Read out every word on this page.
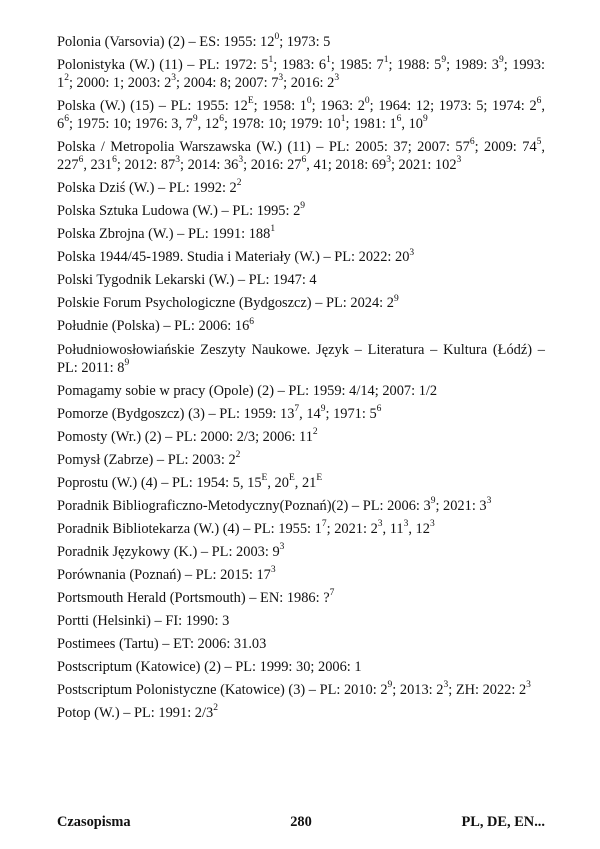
Polonia (Varsovia) (2) – ES: 1955: $12^0$; 1973: 5

Polonistyka (W.) (11) – PL: 1972: $5^1$; 1983: $6^1$; 1985: $7^1$; 1988: $5^9$; 1989: $3^9$; 1993: $1^2$; 2000: 1; 2003: $2^3$; 2004: 8; 2007: $7^3$; 2016: $2^3$

Polska (W.) (15) – PL: 1955: $12^E$; 1958: $1^0$; 1963: $2^0$; 1964: 12; 1973: 5; 1974: $2^6$, $6^6$; 1975: 10; 1976: 3, $7^9$, $12^6$; 1978: 10; 1979: $10^1$; 1981: $1^6$, $10^9$

Polska / Metropolia Warszawska (W.) (11) – PL: 2005: 37; 2007: $57^6$; 2009: $74^5$, $227^6$, $231^6$; 2012: $87^3$; 2014: $36^3$; 2016: $27^6$, 41; 2018: $69^3$; 2021: $102^3$

Polska Dziś (W.) – PL: 1992: $2^2$

Polska Sztuka Ludowa (W.) – PL: 1995: $2^9$

Polska Zbrojna (W.) – PL: 1991: $188^1$

Polska 1944/45-1989. Studia i Materiały (W.) – PL: 2022: $20^3$

Polski Tygodnik Lekarski (W.) – PL: 1947: 4

Polskie Forum Psychologiczne (Bydgoszcz) – PL: 2024: $2^9$

Południe (Polska) – PL: 2006: $16^6$

Południowosłowiańskie Zeszyty Naukowe. Język – Literatura – Kultura (Łódź) – PL: 2011: $8^9$

Pomagamy sobie w pracy (Opole) (2) – PL: 1959: 4/14; 2007: 1/2

Pomorze (Bydgoszcz) (3) – PL: 1959: $13^7$, $14^9$; 1971: $5^6$

Pomosty (Wr.) (2) – PL: 2000: 2/3; 2006: $11^2$

Pomysł (Zabrze) – PL: 2003: $2^2$

Poprostu (W.) (4) – PL: 1954: 5, $15^E$, $20^E$, $21^E$

Poradnik Bibliograficzno-Metodyczny(Poznań)(2) – PL: 2006: $3^9$; 2021: $3^3$

Poradnik Bibliotekarza (W.) (4) – PL: 1955: $1^7$; 2021: $2^3$, $11^3$, $12^3$

Poradnik Językowy (K.) – PL: 2003: $9^3$

Porównania (Poznań) – PL: 2015: $17^3$

Portsmouth Herald (Portsmouth) – EN: 1986: ?$^7$

Portti (Helsinki) – FI: 1990: 3

Postimees (Tartu) – ET: 2006: 31.03

Postscriptum (Katowice) (2) – PL: 1999: 30; 2006: 1

Postscriptum Polonistyczne (Katowice) (3) – PL: 2010: $2^9$; 2013: $2^3$; ZH: 2022: $2^3$

Potop (W.) – PL: 1991: $2/3^2$

Czasopisma	280	PL, DE, EN...
